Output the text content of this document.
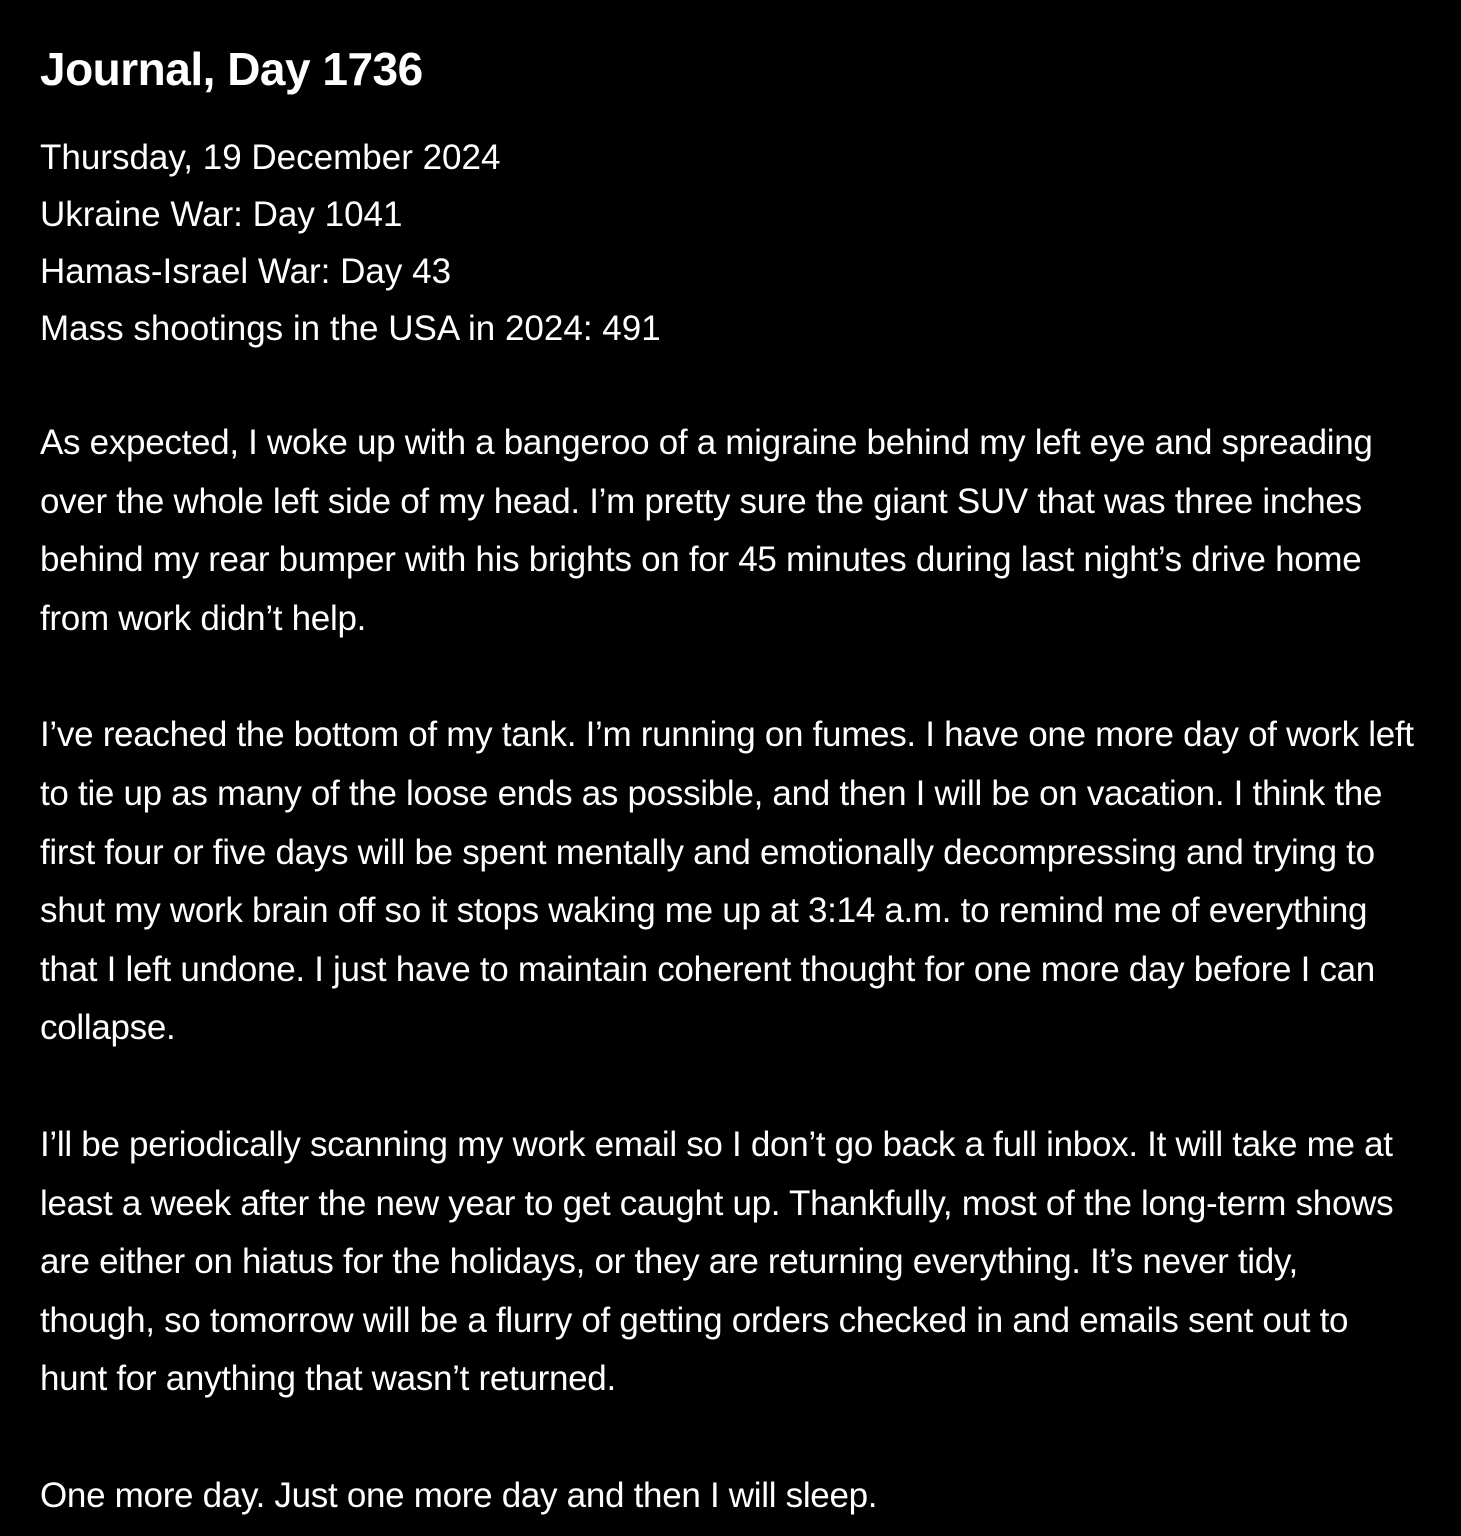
Journal, Day 1736
Thursday, 19 December 2024
Ukraine War: Day 1041
Hamas-Israel War: Day 43
Mass shootings in the USA in 2024: 491

As expected, I woke up with a bangeroo of a migraine behind my left eye and spreading over the whole left side of my head. I’m pretty sure the giant SUV that was three inches behind my rear bumper with his brights on for 45 minutes during last night’s drive home from work didn’t help.

I’ve reached the bottom of my tank. I’m running on fumes. I have one more day of work left to tie up as many of the loose ends as possible, and then I will be on vacation. I think the first four or five days will be spent mentally and emotionally decompressing and trying to shut my work brain off so it stops waking me up at 3:14 a.m. to remind me of everything that I left undone. I just have to maintain coherent thought for one more day before I can collapse.

I’ll be periodically scanning my work email so I don’t go back a full inbox. It will take me at least a week after the new year to get caught up. Thankfully, most of the long-term shows are either on hiatus for the holidays, or they are returning everything. It’s never tidy, though, so tomorrow will be a flurry of getting orders checked in and emails sent out to hunt for anything that wasn’t returned.

One more day. Just one more day and then I will sleep.
